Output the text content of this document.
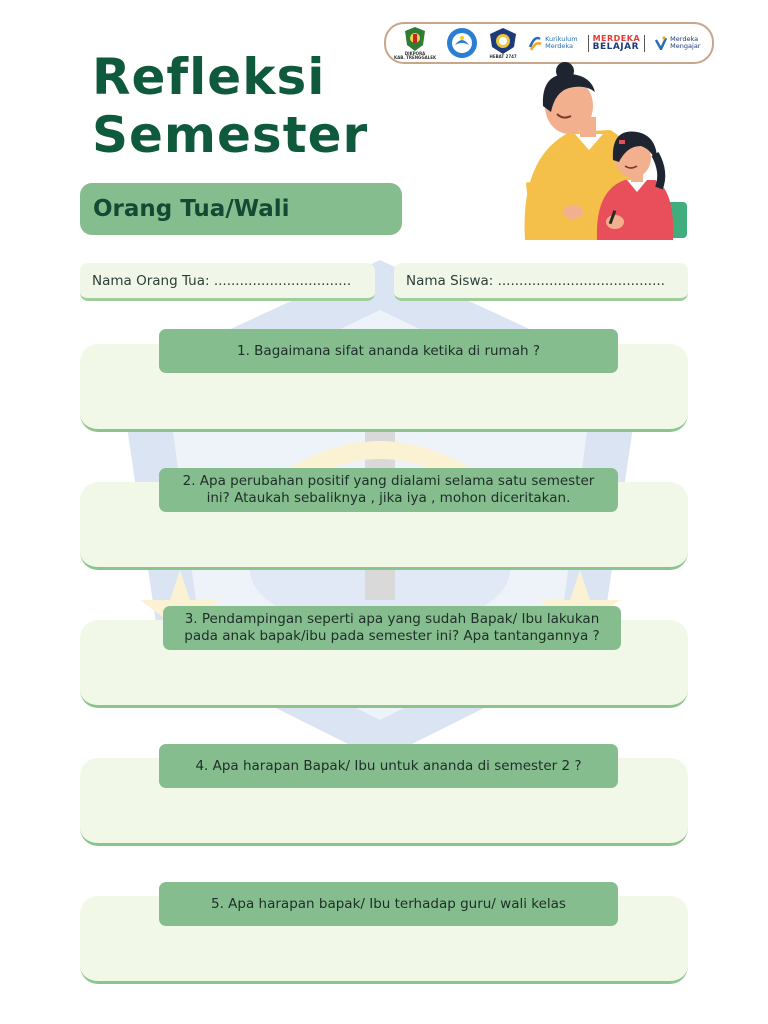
DIKPORA
KAB. TRENGGALEK	HEBAT 2747
Kurikulum
Merdeka
MERDEKA
BELAJAR
Merdeka
Mengajar
Refleksi
Semester
Orang Tua/Wali
Nama Orang Tua: ................................	Nama Siswa: .......................................
1. Bagaimana sifat ananda ketika di rumah ?
2. Apa perubahan positif yang dialami selama satu semester ini? Ataukah sebaliknya , jika iya , mohon diceritakan.
3. Pendampingan seperti apa yang sudah Bapak/ Ibu lakukan pada anak bapak/ibu pada semester ini? Apa tantangannya ?
4. Apa harapan Bapak/ Ibu untuk ananda di semester 2 ?
5. Apa harapan bapak/ Ibu terhadap guru/ wali kelas
